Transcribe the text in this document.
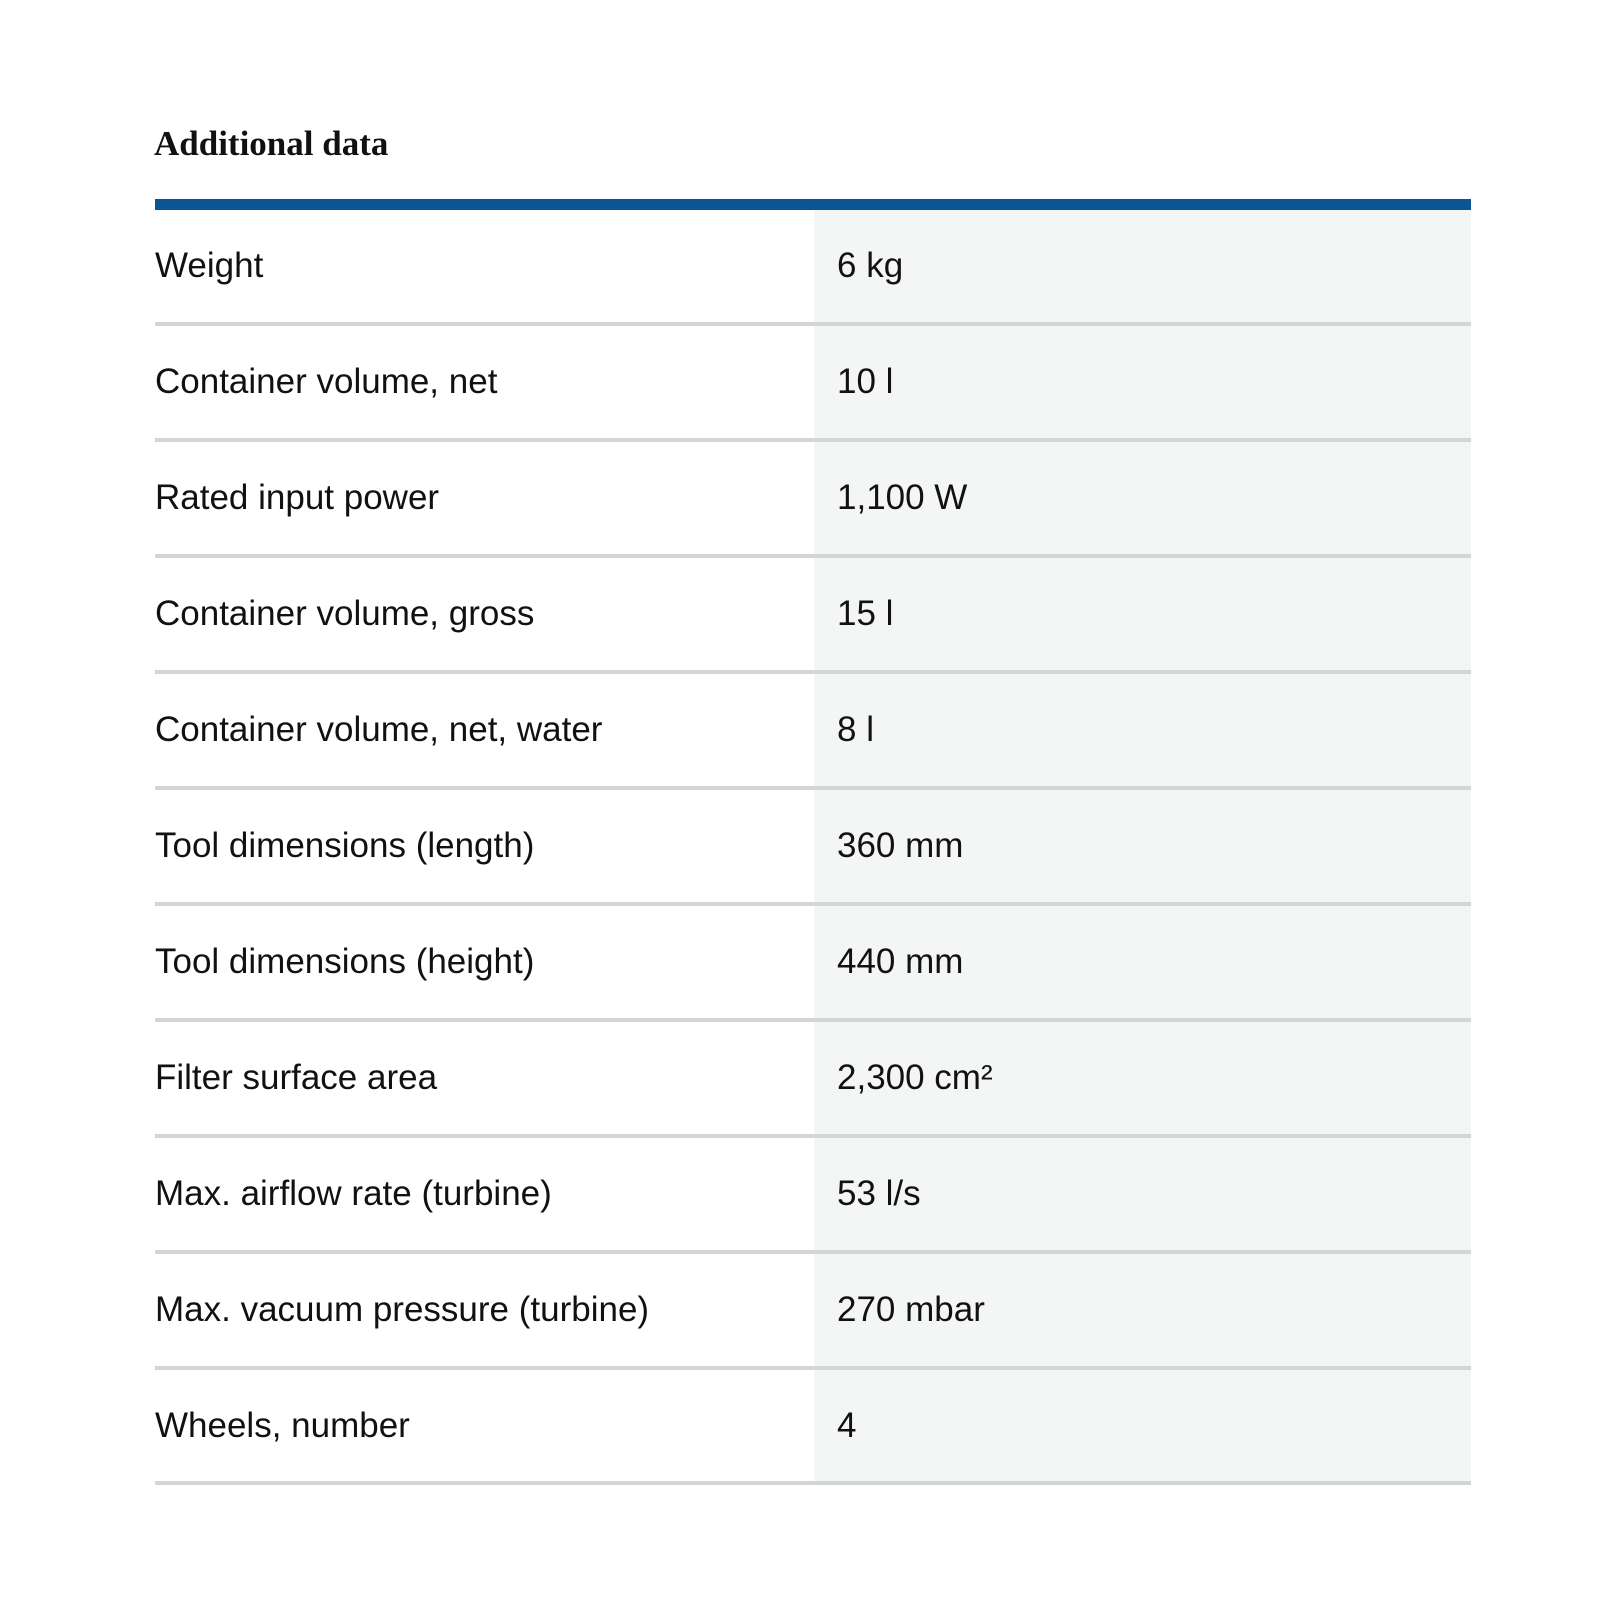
Additional data
Weight	6 kg
Container volume, net	10 l
Rated input power	1,100 W
Container volume, gross	15 l
Container volume, net, water	8 l
Tool dimensions (length)	360 mm
Tool dimensions (height)	440 mm
Filter surface area	2,300 cm²
Max. airflow rate (turbine)	53 l/s
Max. vacuum pressure (turbine)	270 mbar
Wheels, number	4
